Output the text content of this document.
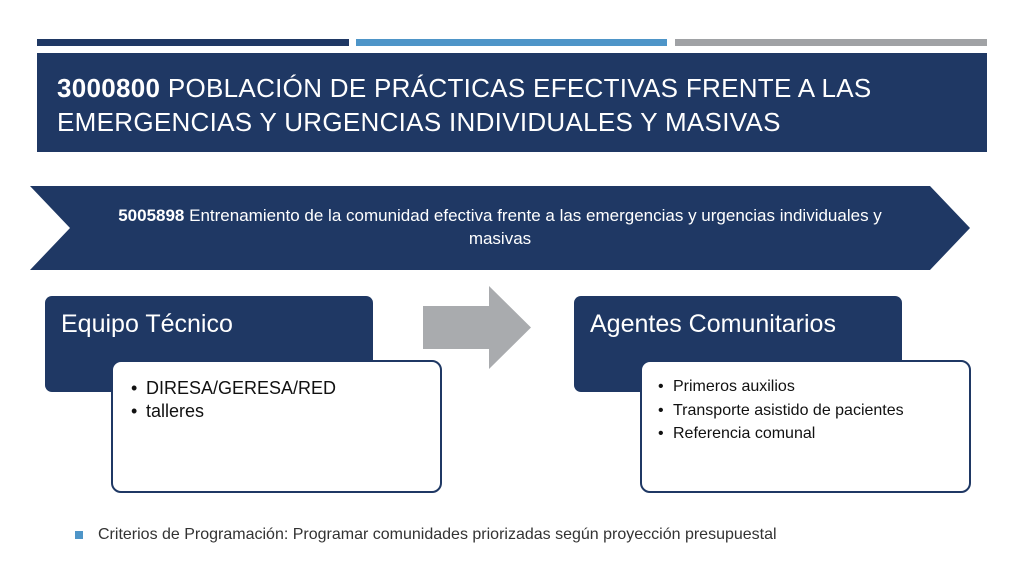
3000800 POBLACIÓN DE PRÁCTICAS EFECTIVAS FRENTE A LAS EMERGENCIAS Y URGENCIAS INDIVIDUALES Y MASIVAS
5005898 Entrenamiento de la comunidad efectiva frente a las emergencias y urgencias individuales y masivas
Equipo Técnico
• DIRESA/GERESA/RED
• talleres
Agentes Comunitarios
• Primeros auxilios
• Transporte asistido de pacientes
• Referencia comunal
Criterios de Programación: Programar comunidades priorizadas según proyección presupuestal
